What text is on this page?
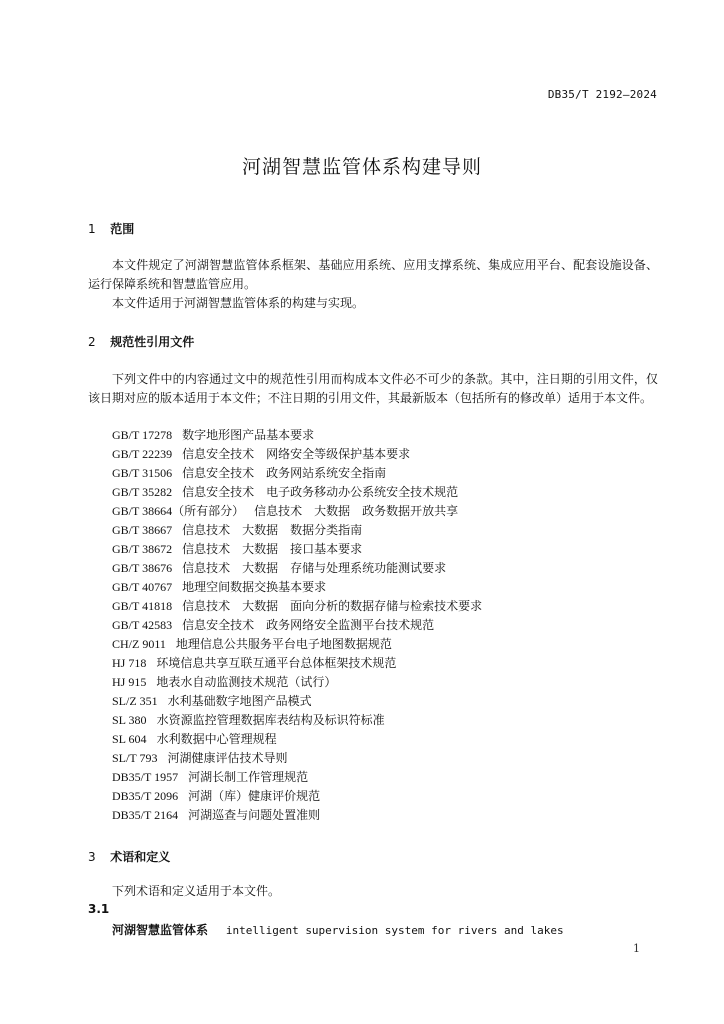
DB35/T 2192—2024
河湖智慧监管体系构建导则
1 范围
本文件规定了河湖智慧监管体系框架、基础应用系统、应用支撑系统、集成应用平台、配套设施设备、运行保障系统和智慧监管应用。
本文件适用于河湖智慧监管体系的构建与实现。
2 规范性引用文件
下列文件中的内容通过文中的规范性引用而构成本文件必不可少的条款。其中，注日期的引用文件，仅该日期对应的版本适用于本文件；不注日期的引用文件，其最新版本（包括所有的修改单）适用于本文件。
GB/T 17278 数字地形图产品基本要求
GB/T 22239 信息安全技术　网络安全等级保护基本要求
GB/T 31506 信息安全技术　政务网站系统安全指南
GB/T 35282 信息安全技术　电子政务移动办公系统安全技术规范
GB/T 38664（所有部分） 信息技术　大数据　政务数据开放共享
GB/T 38667 信息技术　大数据　数据分类指南
GB/T 38672 信息技术　大数据　接口基本要求
GB/T 38676 信息技术　大数据　存储与处理系统功能测试要求
GB/T 40767 地理空间数据交换基本要求
GB/T 41818 信息技术　大数据　面向分析的数据存储与检索技术要求
GB/T 42583 信息安全技术　政务网络安全监测平台技术规范
CH/Z 9011 地理信息公共服务平台电子地图数据规范
HJ 718 环境信息共享互联互通平台总体框架技术规范
HJ 915 地表水自动监测技术规范（试行）
SL/Z 351 水利基础数字地图产品模式
SL 380 水资源监控管理数据库表结构及标识符标准
SL 604 水利数据中心管理规程
SL/T 793 河湖健康评估技术导则
DB35/T 1957 河湖长制工作管理规范
DB35/T 2096 河湖（库）健康评价规范
DB35/T 2164 河湖巡查与问题处置准则
3 术语和定义
下列术语和定义适用于本文件。
3.1
河湖智慧监管体系 intelligent supervision system for rivers and lakes
1
